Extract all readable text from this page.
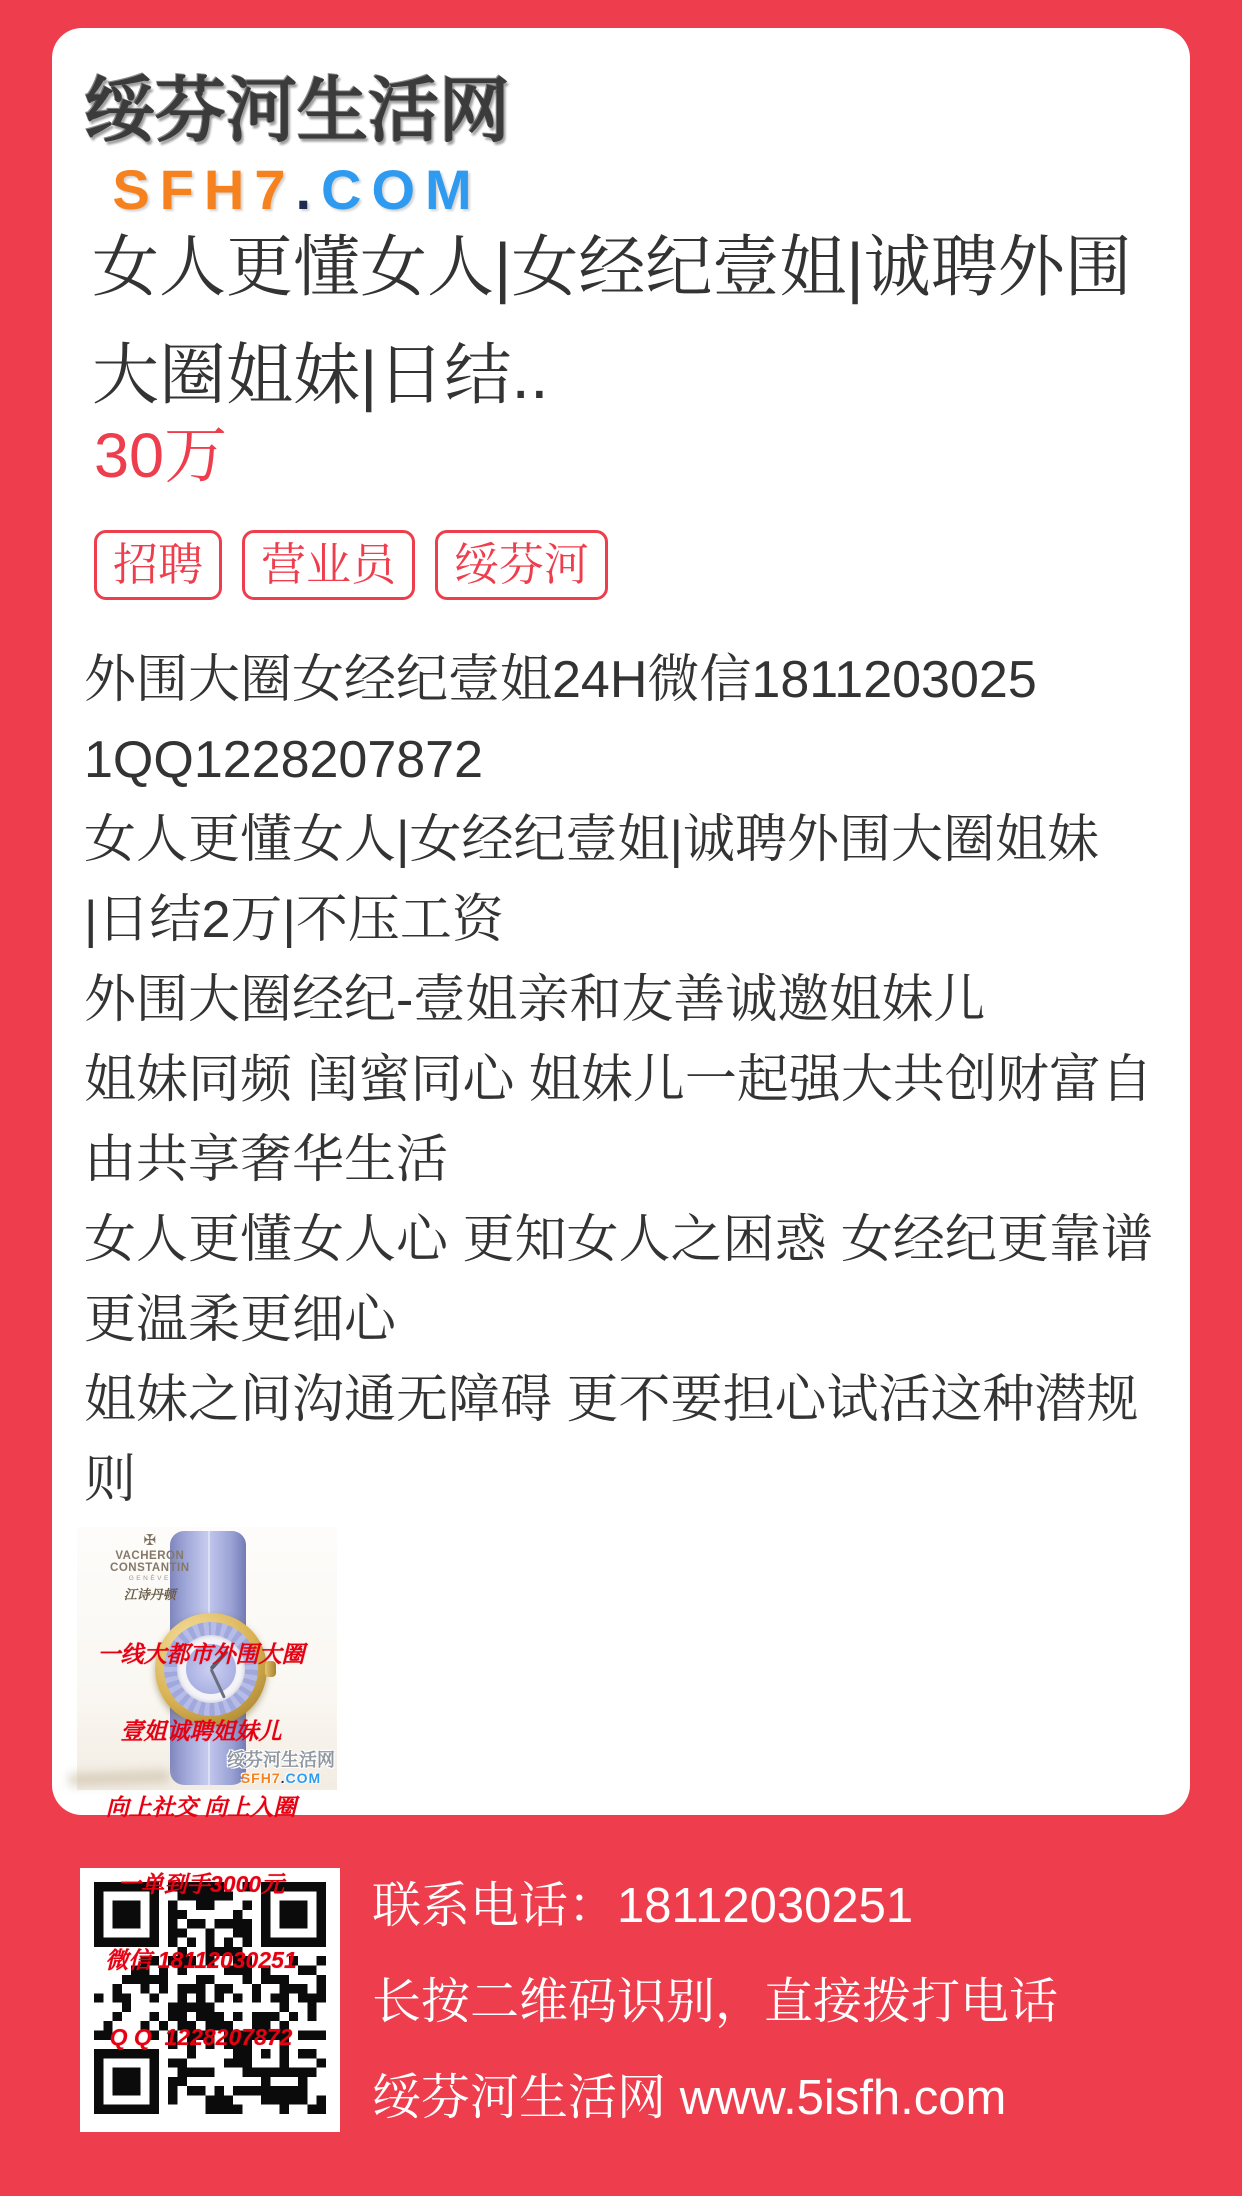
绥芬河生活网
SFH7.COM
女人更懂女人|女经纪壹姐|诚聘外围
大圈姐妹|日结..
30万
招聘	营业员	绥芬河
外围大圈女经纪壹姐24H微信1811203025
1QQ1228207872
女人更懂女人|女经纪壹姐|诚聘外围大圈姐妹
|日结2万|不压工资
外围大圈经纪-壹姐亲和友善诚邀姐妹儿
姐妹同频 闺蜜同心 姐妹儿一起强大共创财富自
由共享奢华生活
女人更懂女人心 更知女人之困惑 女经纪更靠谱
更温柔更细心
姐妹之间沟通无障碍 更不要担心试活这种潜规
则
✠
VACHERON CONSTANTIN
GENÈVE
江诗丹顿

一线大都市外围大圈

壹姐诚聘姐妹儿

向上社交 向上入圈

一单到手3000元

微信 18112030251

Q Q  1228207872

绥芬河生活网
SFH7.COM
联系电话：18112030251
长按二维码识别，直接拨打电话
绥芬河生活网 www.5isfh.com
